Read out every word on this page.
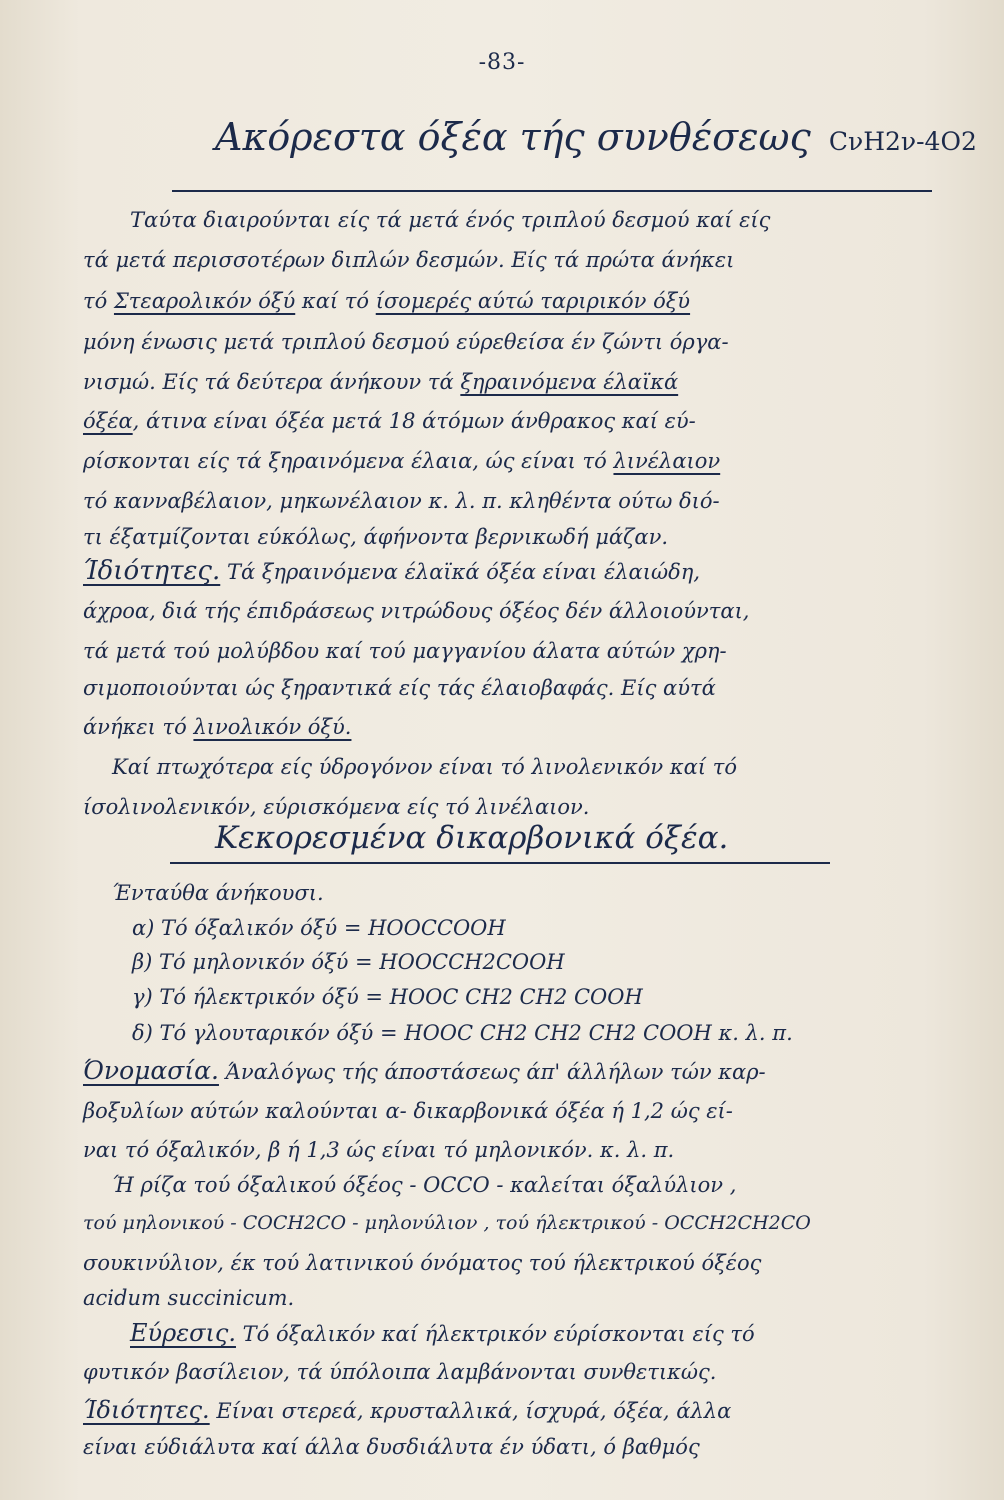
-83-
Ακόρεστα όξέα τής συνθέσεως CνH2ν-4O2
Ταύτα διαιρούνται είς τά μετά ένός τριπλού δεσμού καί είς
τά μετά περισσοτέρων διπλών δεσμών. Είς τά πρώτα άνήκει
τό Στεαρολικόν όξύ καί τό ίσομερές αύτώ ταριρικόν όξύ
μόνη ένωσις μετά τριπλού δεσμού εύρεθείσα έν ζώντι όργα-
νισμώ. Είς τά δεύτερα άνήκουν τά ξηραινόμενα έλαϊκά
όξέα, άτινα είναι όξέα μετά 18 άτόμων άνθρακος καί εύ-
ρίσκονται είς τά ξηραινόμενα έλαια, ώς είναι τό λινέλαιον
τό κανναβέλαιον, μηκωνέλαιον κ. λ. π. κληθέντα ούτω διό-
τι έξατμίζονται εύκόλως, άφήνοντα βερνικωδή μάζαν.
Ίδιότητες. Τά ξηραινόμενα έλαϊκά όξέα είναι έλαιώδη,
άχροα, διά τής έπιδράσεως νιτρώδους όξέος δέν άλλοιούνται,
τά μετά τού μολύβδου καί τού μαγγανίου άλατα αύτών χρη-
σιμοποιούνται ώς ξηραντικά είς τάς έλαιοβαφάς. Είς αύτά
άνήκει τό λινολικόν όξύ.
Καί πτωχότερα είς ύδρογόνον είναι τό λινολενικόν καί τό
ίσολινολενικόν, εύρισκόμενα είς τό λινέλαιον.
Κεκορεσμένα δικαρβονικά όξέα.
Ένταύθα άνήκουσι.
α) Τό όξαλικόν όξύ = HOOCCOOH
β) Τό μηλονικόν όξύ = HOOCCH2COOH
γ) Τό ήλεκτρικόν όξύ = HOOC CH2 CH2 COOH
δ) Τό γλουταρικόν όξύ = HOOC CH2 CH2 CH2 COOH κ. λ. π.
Όνομασία. Άναλόγως τής άποστάσεως άπ' άλλήλων τών καρ-
βοξυλίων αύτών καλούνται α- δικαρβονικά όξέα ή 1,2 ώς εί-
ναι τό όξαλικόν, β ή 1,3 ώς είναι τό μηλονικόν. κ. λ. π.
Ή ρίζα τού όξαλικού όξέος - OCCO - καλείται όξαλύλιον ,
τού μηλονικού - COCH2CO - μηλονύλιον , τού ήλεκτρικού - OCCH2CH2CO
σουκινύλιον, έκ τού λατινικού όνόματος τού ήλεκτρικού όξέος
acidum succinicum.
Εύρεσις. Τό όξαλικόν καί ήλεκτρικόν εύρίσκονται είς τό
φυτικόν βασίλειον, τά ύπόλοιπα λαμβάνονται συνθετικώς.
Ίδιότητες. Είναι στερεά, κρυσταλλικά, ίσχυρά, όξέα, άλλα
είναι εύδιάλυτα καί άλλα δυσδιάλυτα έν ύδατι, ό βαθμός
